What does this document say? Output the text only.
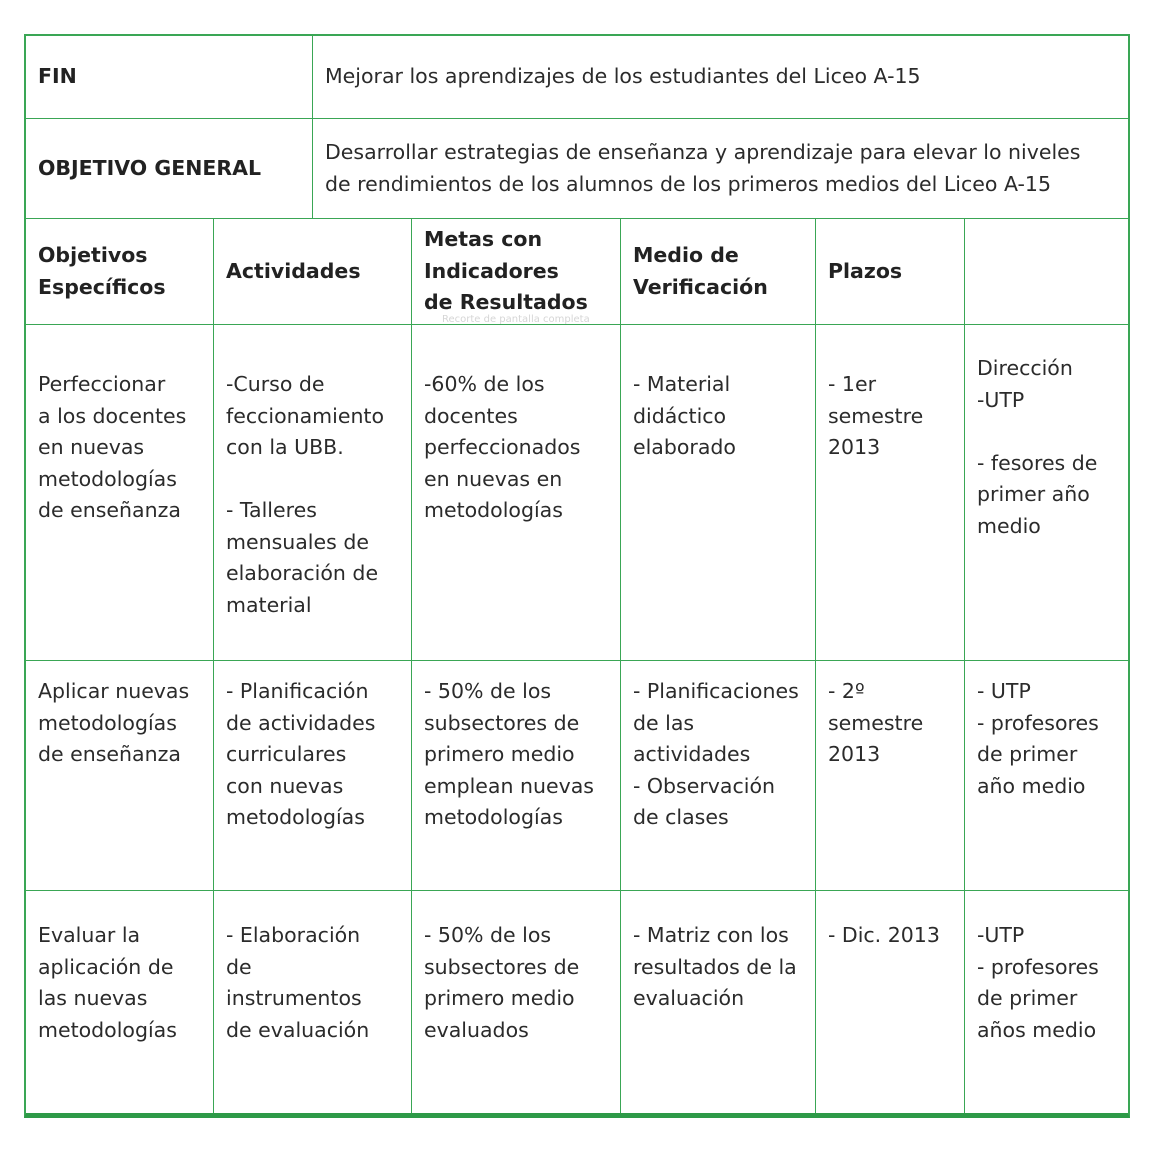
FIN	Mejorar los aprendizajes de los estudiantes del Liceo A-15
OBJETIVO GENERAL
Desarrollar estrategias de enseñanza y aprendizaje para elevar lo niveles
de rendimientos de los alumnos de los primeros medios del Liceo A-15
Objetivos
Específicos
Actividades
Metas con
Indicadores
de Resultados
Medio de
Verificación
Plazos
Recorte de pantalla completa
Perfeccionar
a los docentes
en nuevas
metodologías
de enseñanza
-Curso de
feccionamiento
con la UBB.

- Talleres
mensuales de
elaboración de
material
-60% de los
docentes
perfeccionados
en nuevas en
metodologías
- Material
didáctico
elaborado
- 1er
semestre
2013
Dirección
-UTP

- fesores de
primer año
medio
Aplicar nuevas
metodologías
de enseñanza
- Planificación
de actividades
curriculares
con nuevas
metodologías
- 50% de los
subsectores de
primero medio
emplean nuevas
metodologías
- Planificaciones
de las
actividades
- Observación
de clases
- 2º
semestre
2013
- UTP
- profesores
de primer
año medio
Evaluar la
aplicación de
las nuevas
metodologías
- Elaboración
de
instrumentos
de evaluación
- 50% de los
subsectores de
primero medio
evaluados
- Matriz con los
resultados de la
evaluación
- Dic. 2013	-UTP
- profesores
de primer
años medio
